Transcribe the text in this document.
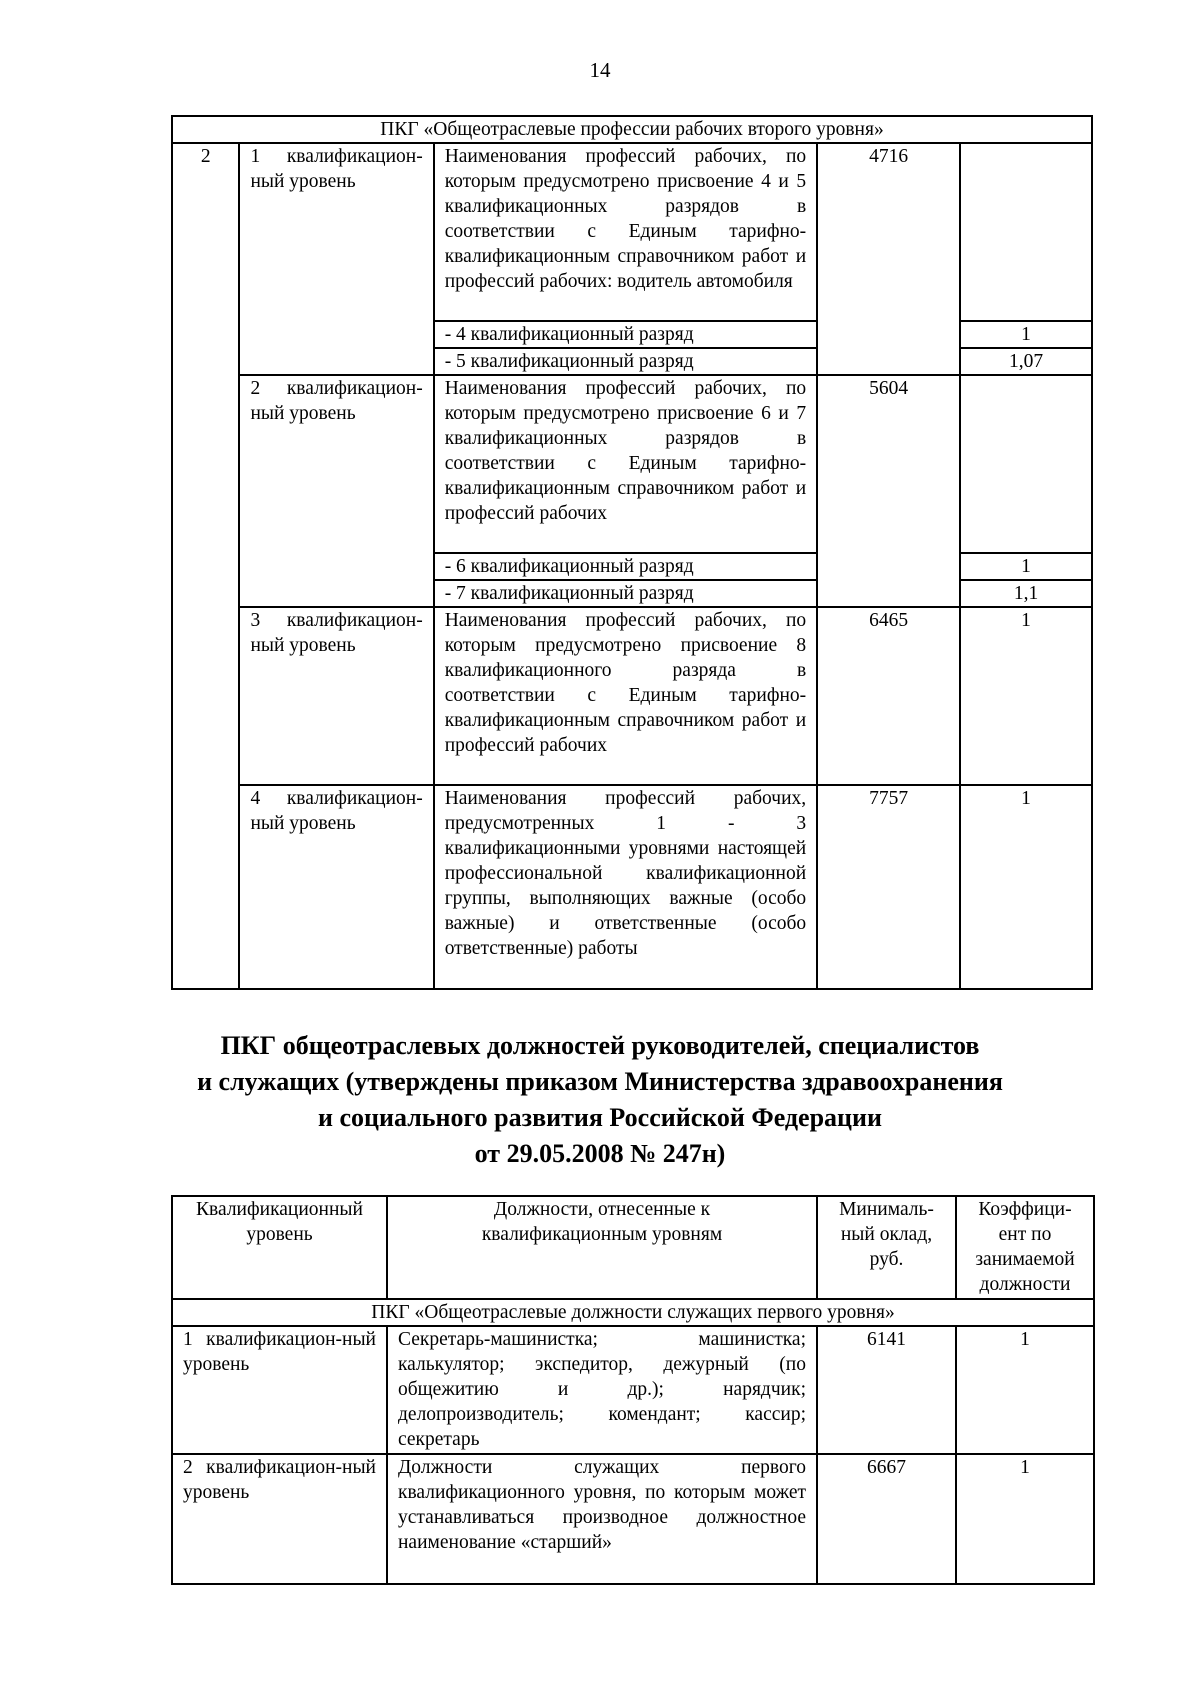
14
ПКГ «Общеотраслевые профессии рабочих второго уровня»				
2	1 квалификацион-ный уровень	Наименования профессий рабочих, по которым предусмотрено присвоение 4 и 5 квалификационных разрядов в соответствии с Единым тарифно-квалификационным справочником работ и профессий рабочих: водитель автомобиля	4716	
		- 4 квалификационный разряд		1
		- 5 квалификационный разряд		1,07
	2 квалификацион-ный уровень	Наименования профессий рабочих, по которым предусмотрено присвоение 6 и 7 квалификационных разрядов в соответствии с Единым тарифно-квалификационным справочником работ и профессий рабочих	5604	
		- 6 квалификационный разряд		1
		- 7 квалификационный разряд		1,1
	3 квалификацион-ный уровень	Наименования профессий рабочих, по которым предусмотрено присвоение 8 квалификационного разряда в соответствии с Единым тарифно-квалификационным справочником работ и профессий рабочих	6465	1
	4 квалификацион-ный уровень	Наименования профессий рабочих, предусмотренных 1 - 3 квалификационными уровнями настоящей профессиональной квалификационной группы, выполняющих важные (особо важные) и ответственные (особо ответственные) работы	7757	1
ПКГ общеотраслевых должностей руководителей, специалистов
и служащих (утверждены приказом Министерства здравоохранения
и социального развития Российской Федерации
от 29.05.2008 № 247н)
Квалификационный уровень	Должности, отнесенные к квалификационным уровням	Минималь-ный оклад, руб.	Коэффици-ент по занимаемой должности
ПКГ «Общеотраслевые должности служащих первого уровня»			
1 квалификацион-ный уровень	Секретарь-машинистка; машинистка; калькулятор; экспедитор, дежурный (по общежитию и др.); нарядчик; делопроизводитель; комендант; кассир; секретарь	6141	1
2 квалификацион-ный уровень	Должности служащих первого квалификационного уровня, по которым может устанавливаться производное должностное наименование «старший»	6667	1
